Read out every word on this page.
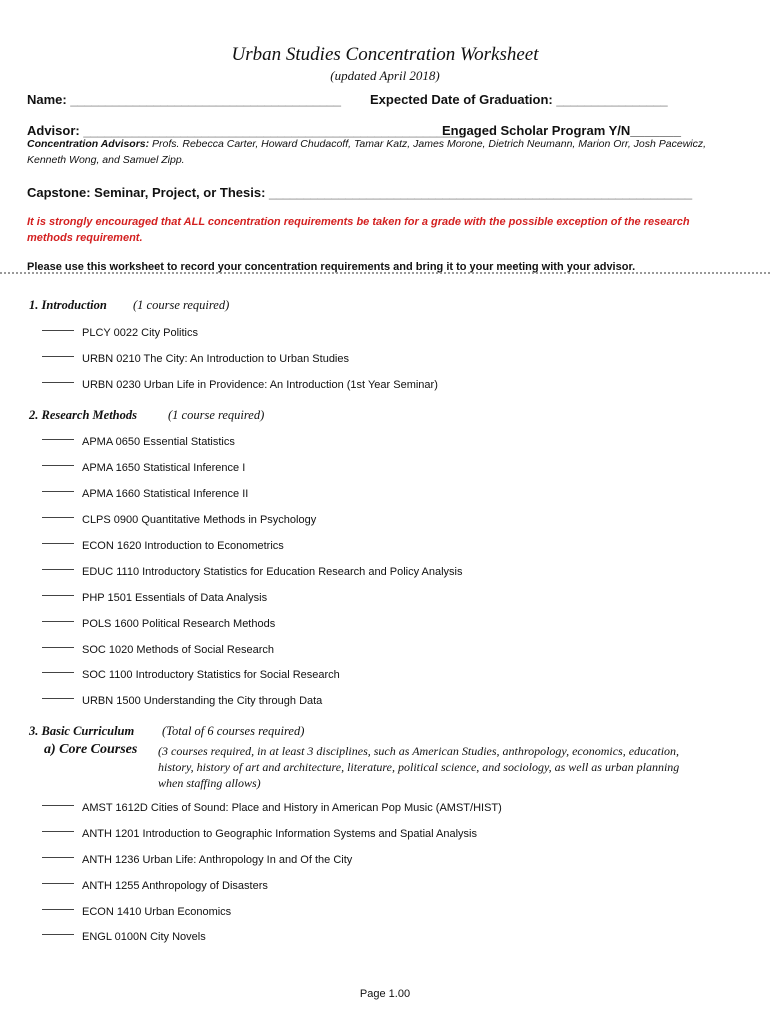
Urban Studies Concentration Worksheet
(updated April 2018)
Name: _______________________________________ Expected Date of Graduation: ________________
Advisor: _______________________________________________________
Engaged Scholar Program Y/N_______
Concentration Advisors: Profs. Rebecca Carter, Howard Chudacoff, Tamar Katz, James Morone, Dietrich Neumann, Marion Orr, Josh Pacewicz,
Kenneth Wong, and Samuel Zipp.
Capstone: Seminar, Project, or Thesis: _____________________________________________________________
It is strongly encouraged that ALL concentration requirements be taken for a grade with the possible exception of the research methods requirement.
Please use this worksheet to record your concentration requirements and bring it to your meeting with your advisor.
1. Introduction (1 course required)
PLCY 0022 City Politics
URBN 0210 The City: An Introduction to Urban Studies
URBN 0230 Urban Life in Providence: An Introduction (1st Year Seminar)
2. Research Methods (1 course required)
APMA 0650 Essential Statistics
APMA 1650 Statistical Inference I
APMA 1660 Statistical Inference II
CLPS 0900 Quantitative Methods in Psychology
ECON 1620 Introduction to Econometrics
EDUC 1110 Introductory Statistics for Education Research and Policy Analysis
PHP 1501 Essentials of Data Analysis
POLS 1600 Political Research Methods
SOC 1020 Methods of Social Research
SOC 1100 Introductory Statistics for Social Research
URBN 1500 Understanding the City through Data
3. Basic Curriculum (Total of 6 courses required)
a) Core Courses (3 courses required, in at least 3 disciplines, such as American Studies, anthropology, economics, education, history, history of art and architecture, literature, political science, and sociology, as well as urban planning when staffing allows)
AMST 1612D Cities of Sound: Place and History in American Pop Music (AMST/HIST)
ANTH 1201 Introduction to Geographic Information Systems and Spatial Analysis
ANTH 1236 Urban Life: Anthropology In and Of the City
ANTH 1255 Anthropology of Disasters
ECON 1410 Urban Economics
ENGL 0100N City Novels
Page 1.00
